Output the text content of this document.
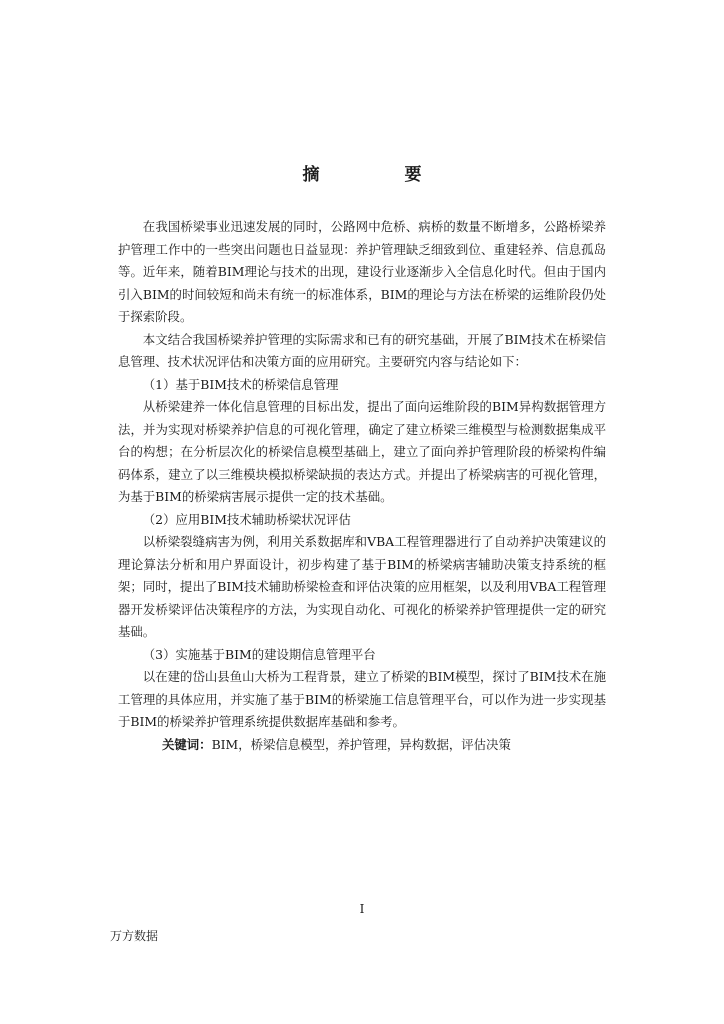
摘　要

在我国桥梁事业迅速发展的同时，公路网中危桥、病桥的数量不断增多，公路桥梁养护管理工作中的一些突出问题也日益显现：养护管理缺乏细致到位、重建轻养、信息孤岛等。近年来，随着BIM理论与技术的出现，建设行业逐渐步入全信息化时代。但由于国内引入BIM的时间较短和尚未有统一的标准体系，BIM的理论与方法在桥梁的运维阶段仍处于探索阶段。

本文结合我国桥梁养护管理的实际需求和已有的研究基础，开展了BIM技术在桥梁信息管理、技术状况评估和决策方面的应用研究。主要研究内容与结论如下：

（1）基于BIM技术的桥梁信息管理

从桥梁建养一体化信息管理的目标出发，提出了面向运维阶段的BIM异构数据管理方法，并为实现对桥梁养护信息的可视化管理，确定了建立桥梁三维模型与检测数据集成平台的构想；在分析层次化的桥梁信息模型基础上，建立了面向养护管理阶段的桥梁构件编码体系，建立了以三维模块模拟桥梁缺损的表达方式。并提出了桥梁病害的可视化管理，为基于BIM的桥梁病害展示提供一定的技术基础。

（2）应用BIM技术辅助桥梁状况评估

以桥梁裂缝病害为例，利用关系数据库和VBA工程管理器进行了自动养护决策建议的理论算法分析和用户界面设计，初步构建了基于BIM的桥梁病害辅助决策支持系统的框架；同时，提出了BIM技术辅助桥梁检查和评估决策的应用框架，以及利用VBA工程管理器开发桥梁评估决策程序的方法，为实现自动化、可视化的桥梁养护管理提供一定的研究基础。

（3）实施基于BIM的建设期信息管理平台

以在建的岱山县鱼山大桥为工程背景，建立了桥梁的BIM模型，探讨了BIM技术在施工管理的具体应用，并实施了基于BIM的桥梁施工信息管理平台，可以作为进一步实现基于BIM的桥梁养护管理系统提供数据库基础和参考。

关键词：BIM，桥梁信息模型，养护管理，异构数据，评估决策
I
万方数据
